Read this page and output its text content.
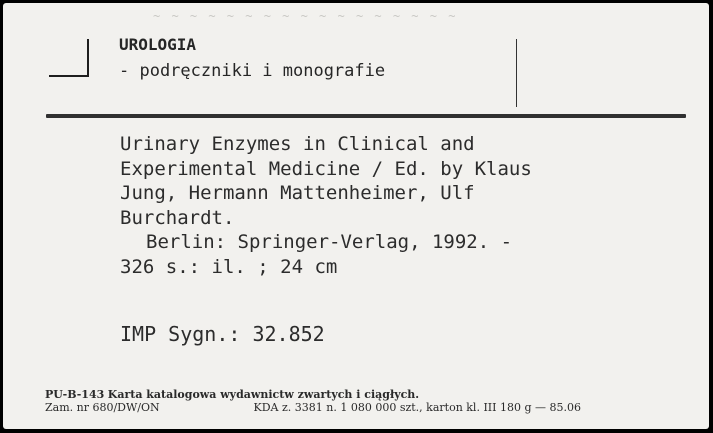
~ ~ ~ ~ ~ ~ ~ ~ ~ ~ ~ ~ ~ ~ ~ ~ ~
UROLOGIA
- podręczniki i monografie
Urinary Enzymes in Clinical and
Experimental Medicine / Ed. by Klaus
Jung, Hermann Mattenheimer, Ulf
Burchardt.
Berlin: Springer-Verlag, 1992. -
326 s.: il. ; 24 cm
IMP Sygn.: 32.852
PU-B-143 Karta katalogowa wydawnictw zwartych i ciągłych.
Zam. nr 680/DW/ON	KDA z. 3381 n. 1 080 000 szt., karton kl. III 180 g — 85.06
